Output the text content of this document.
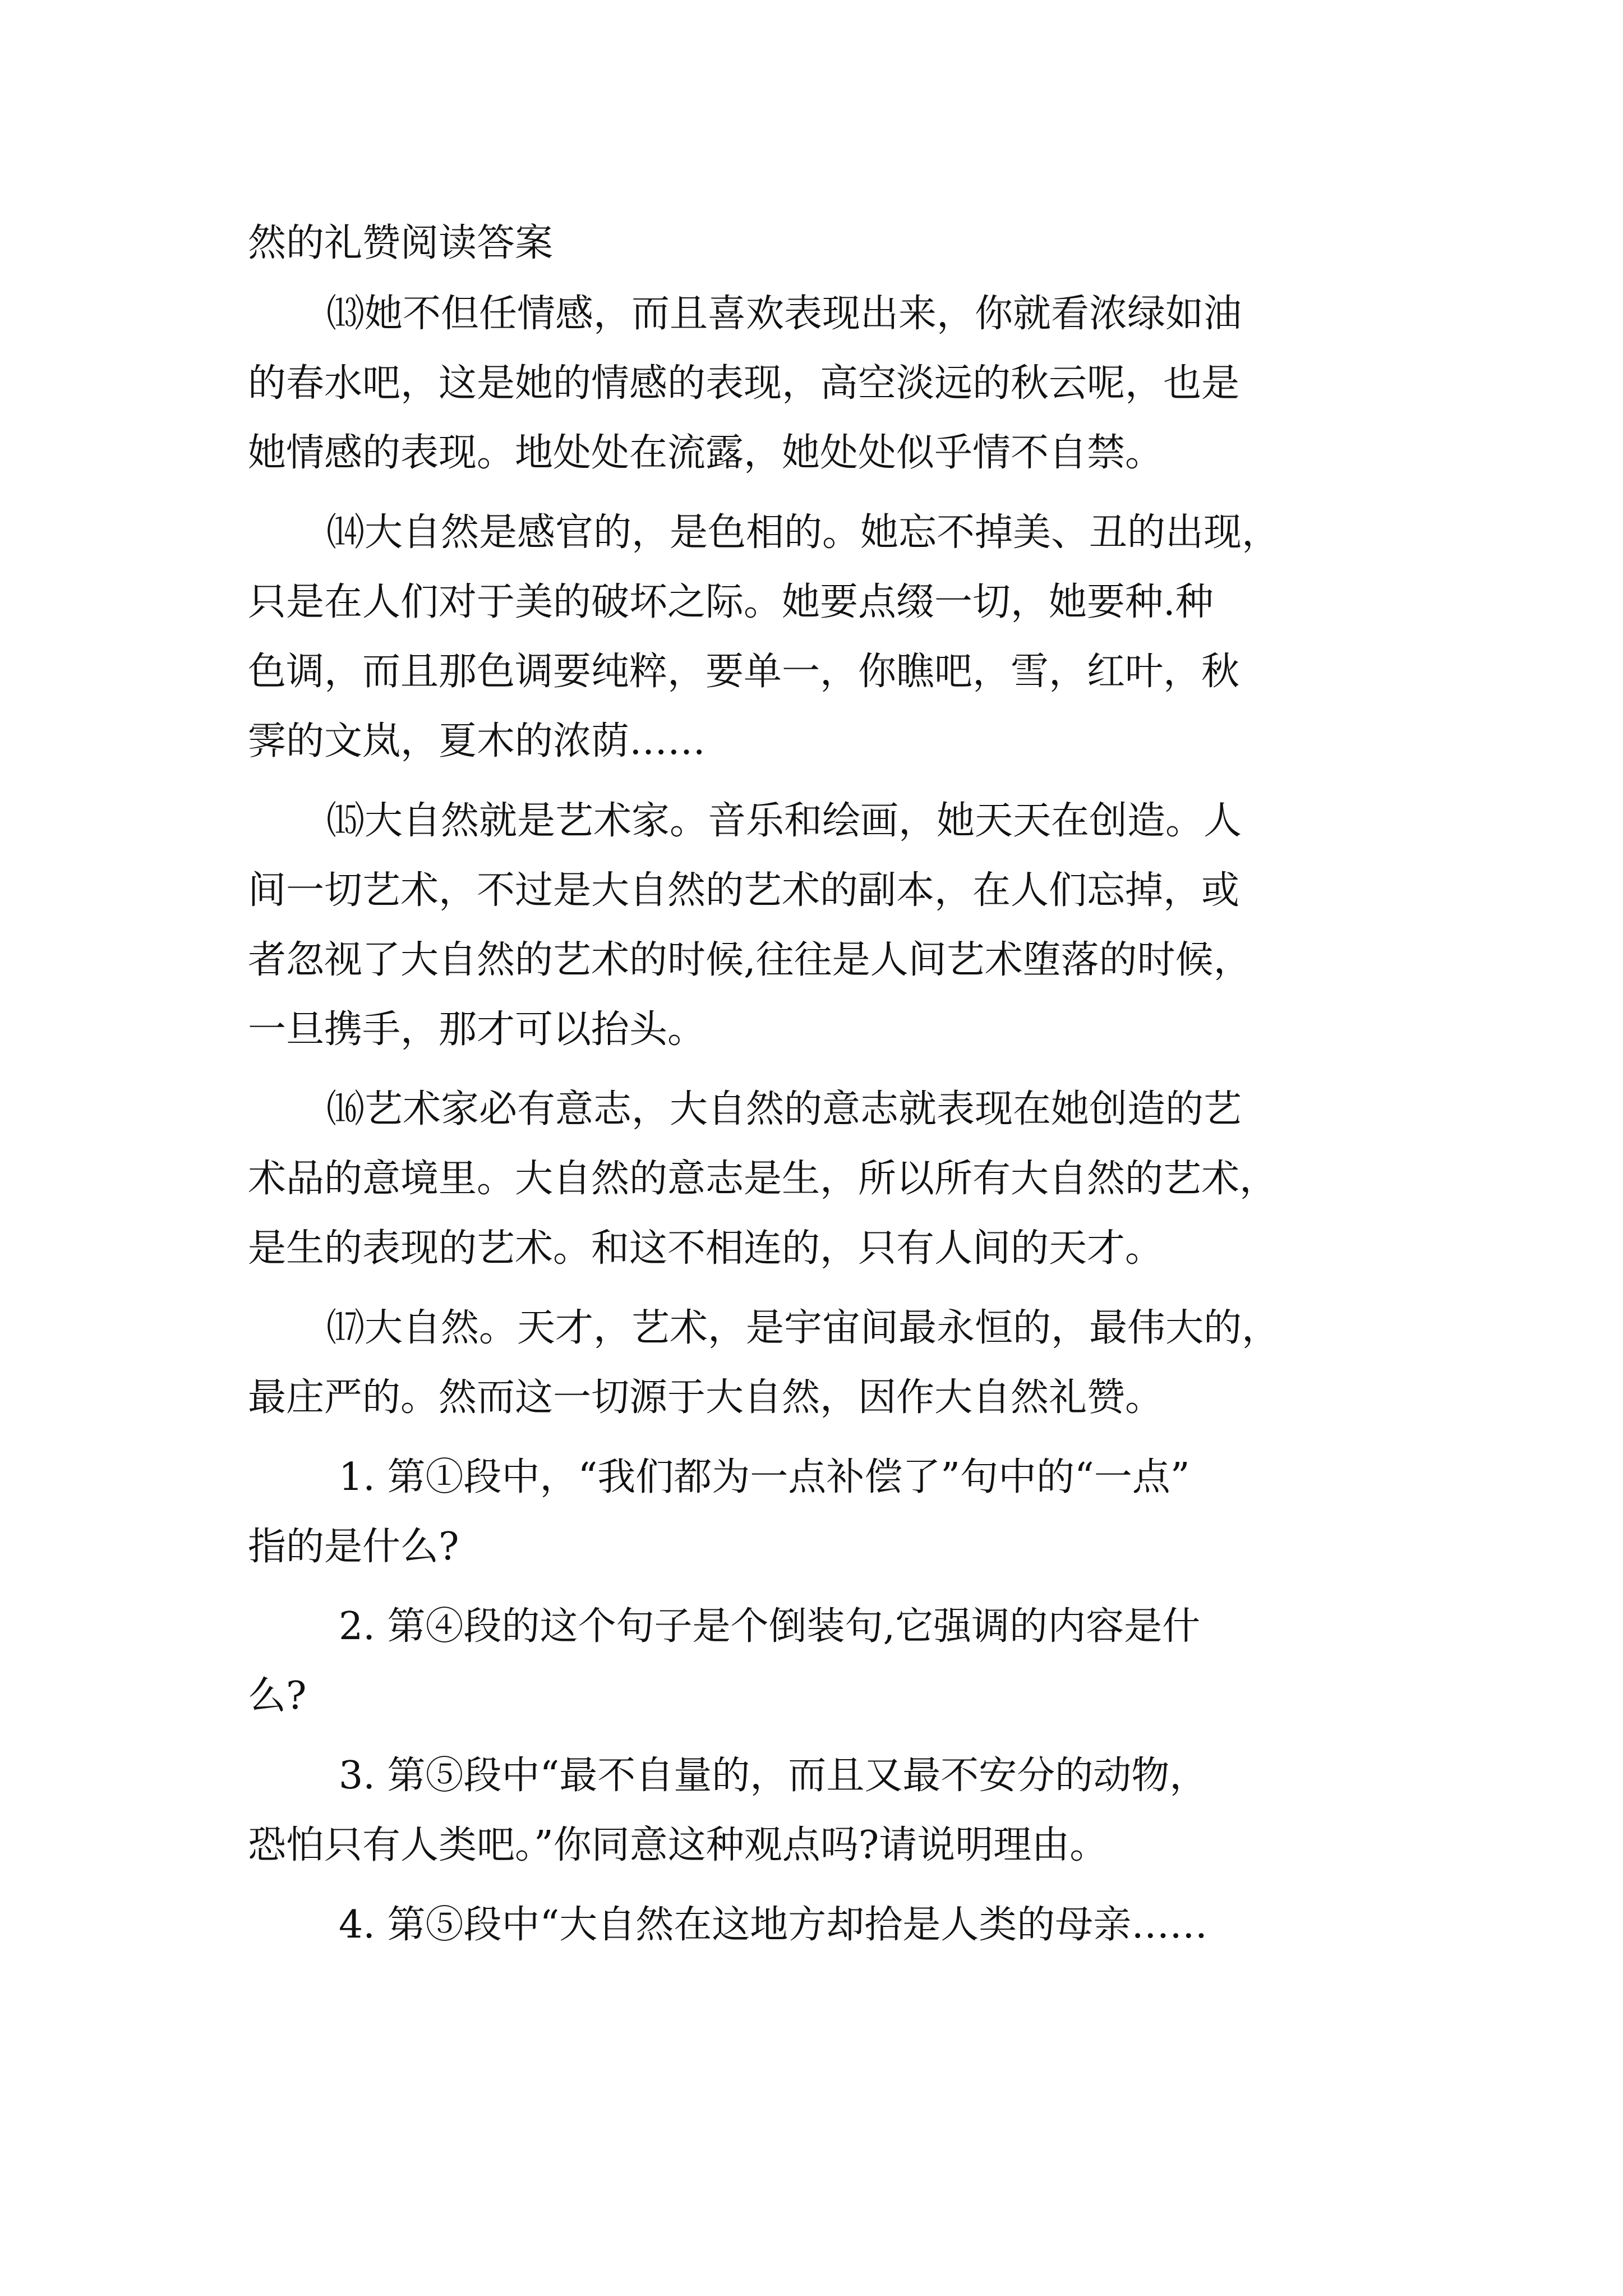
然的礼赞阅读答案
⒀她不但任情感，而且喜欢表现出来，你就看浓绿如油
的春水吧，这是她的情感的表现，高空淡远的秋云呢，也是
她情感的表现。地处处在流露，她处处似乎情不自禁。
⒁大自然是感官的，是色相的。她忘不掉美、丑的出现，
只是在人们对于美的破坏之际。她要点缀一切，她要种.种
色调，而且那色调要纯粹，要单一，你瞧吧，雪，红叶，秋
霁的文岚，夏木的浓荫……
⒂大自然就是艺术家。音乐和绘画，她天天在创造。人
间一切艺术，不过是大自然的艺术的副本，在人们忘掉，或
者忽视了大自然的艺术的时候,往往是人间艺术堕落的时候，
一旦携手，那才可以抬头。
⒃艺术家必有意志，大自然的意志就表现在她创造的艺
术品的意境里。大自然的意志是生，所以所有大自然的艺术，
是生的表现的艺术。和这不相连的，只有人间的天才。
⒄大自然。天才，艺术，是宇宙间最永恒的，最伟大的，
最庄严的。然而这一切源于大自然，因作大自然礼赞。
1. 第①段中，“我们都为一点补偿了”句中的“一点”
指的是什么?
2. 第④段的这个句子是个倒装句,它强调的内容是什
么?
3. 第⑤段中“最不自量的，而且又最不安分的动物，
恐怕只有人类吧。”你同意这种观点吗?请说明理由。
4. 第⑤段中“大自然在这地方却拾是人类的母亲……
